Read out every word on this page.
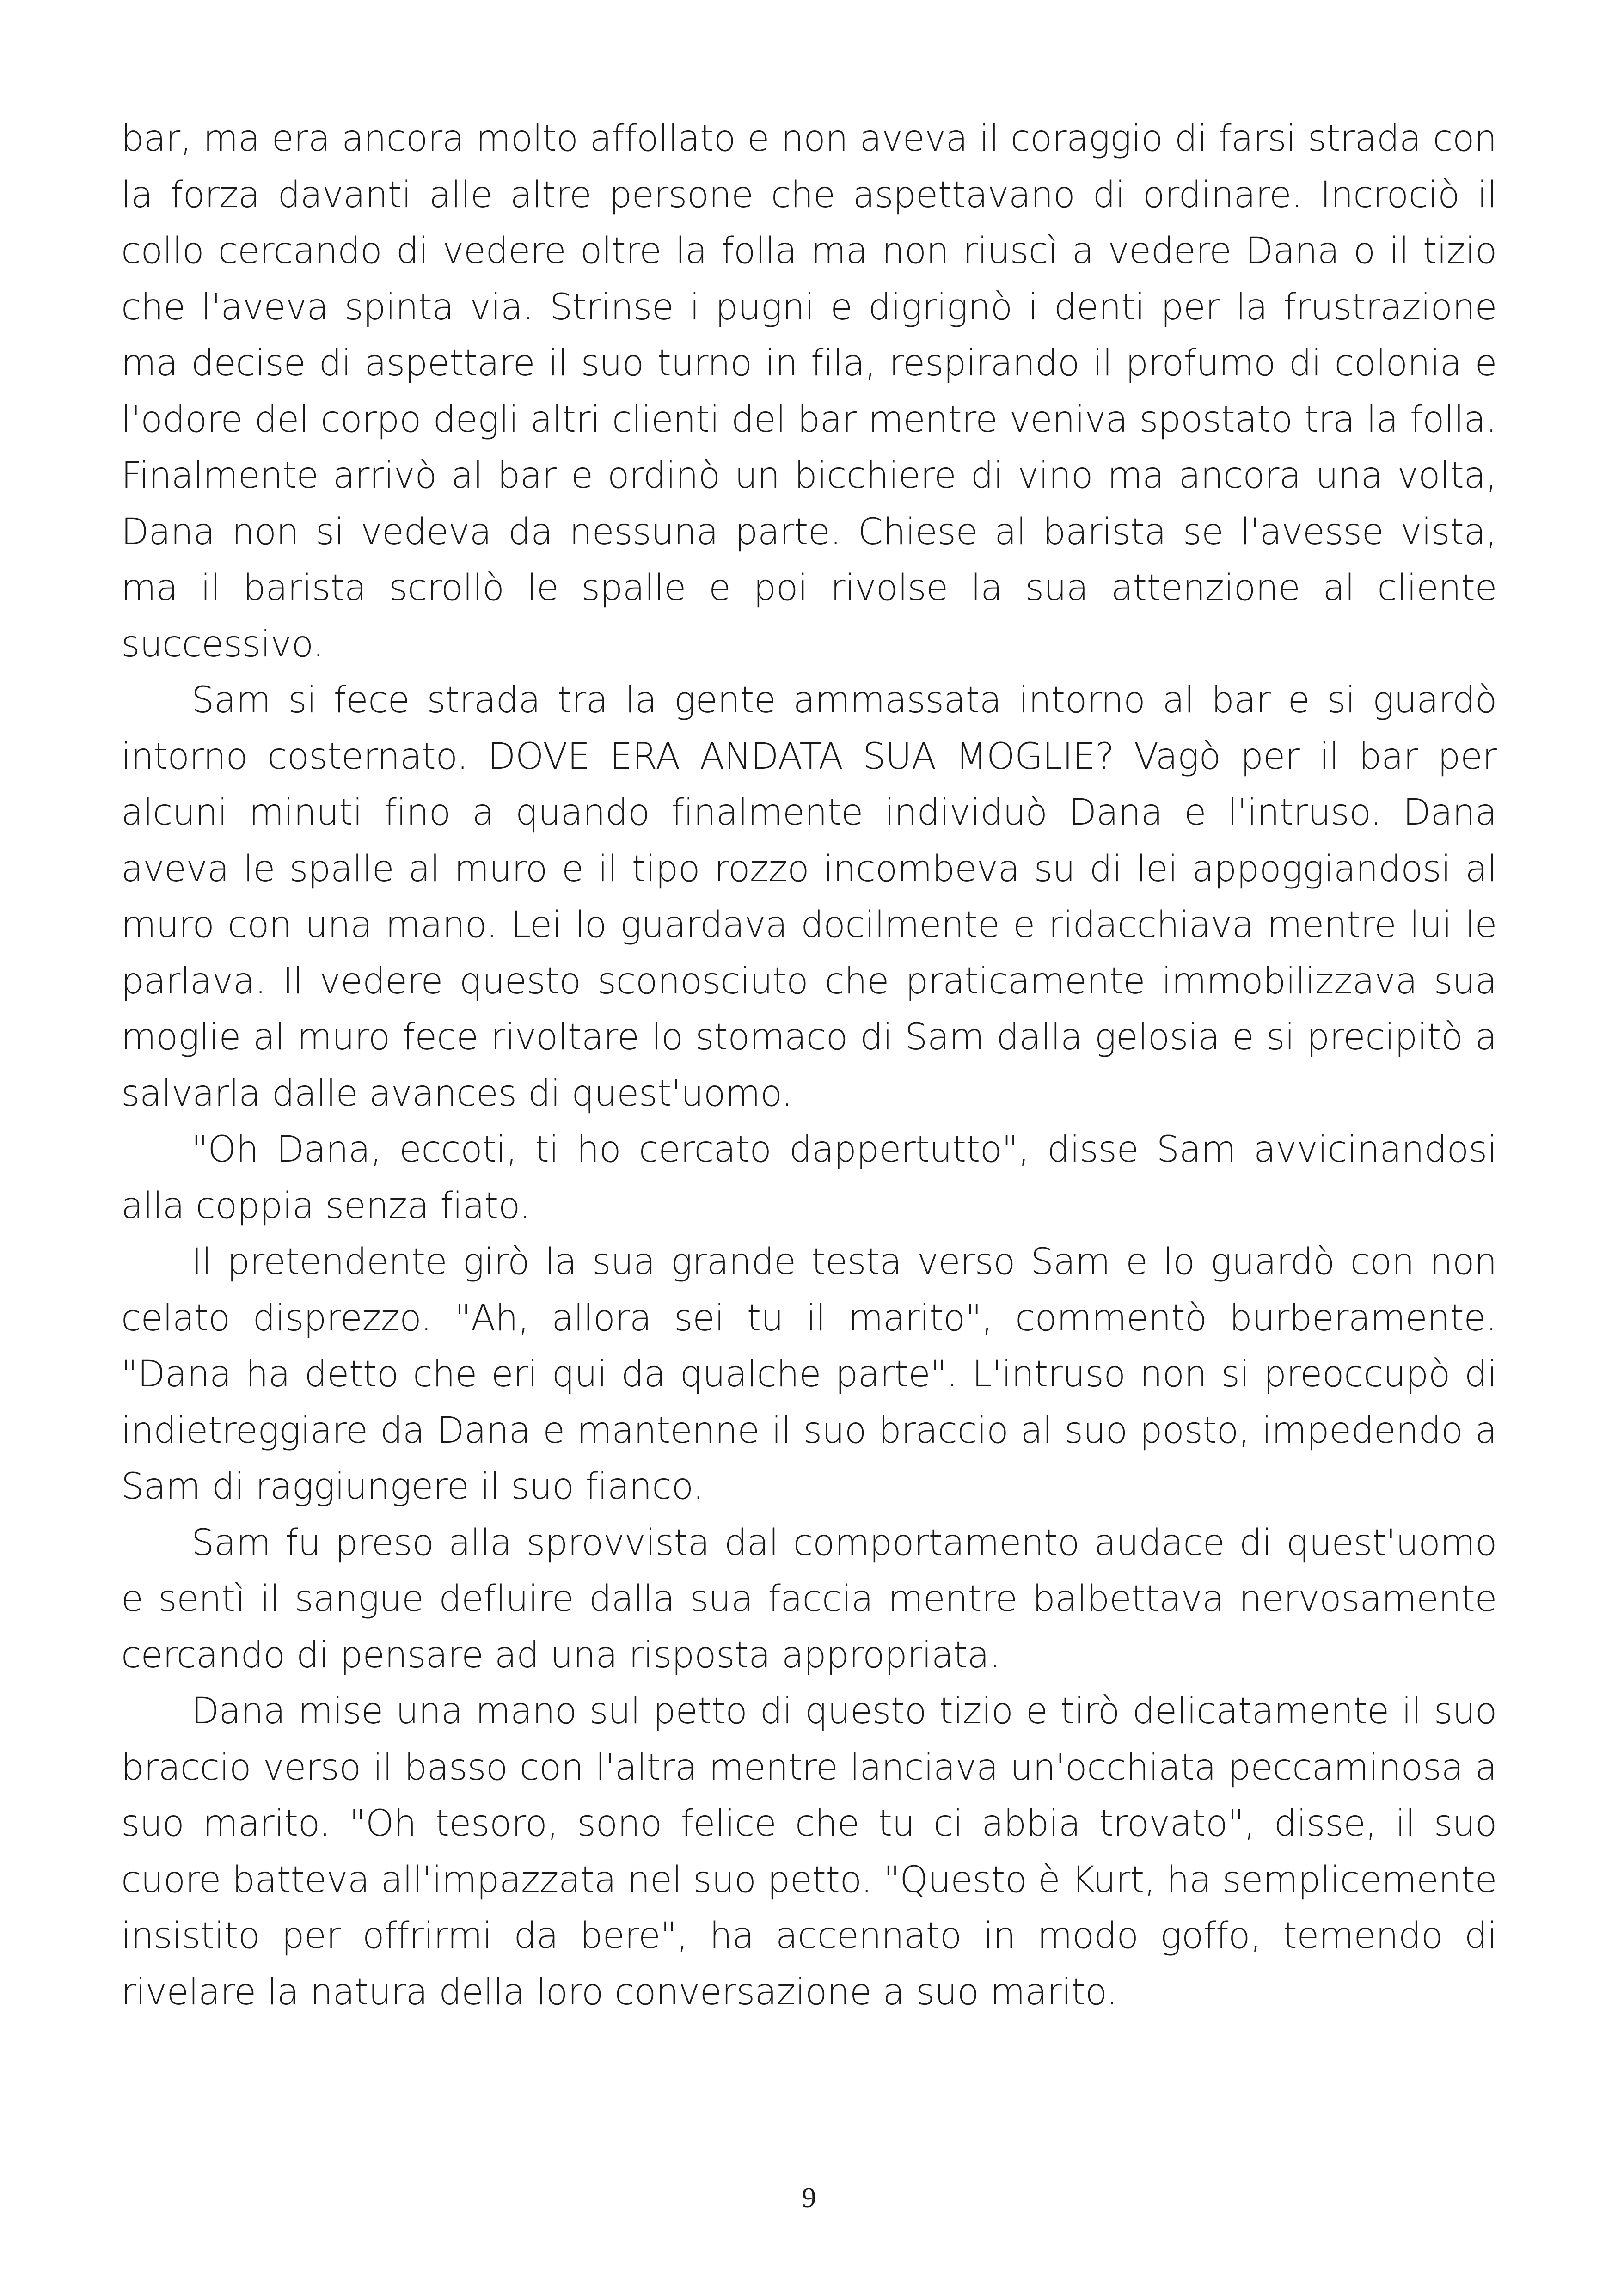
bar, ma era ancora molto affollato e non aveva il coraggio di farsi strada con la forza davanti alle altre persone che aspettavano di ordinare. Incrociò il collo cercando di vedere oltre la folla ma non riuscì a vedere Dana o il tizio che l'aveva spinta via. Strinse i pugni e digrignò i denti per la frustrazione ma decise di aspettare il suo turno in fila, respirando il profumo di colonia e l'odore del corpo degli altri clienti del bar mentre veniva spostato tra la folla. Finalmente arrivò al bar e ordinò un bicchiere di vino ma ancora una volta, Dana non si vedeva da nessuna parte. Chiese al barista se l'avesse vista, ma il barista scrollò le spalle e poi rivolse la sua attenzione al cliente successivo.

Sam si fece strada tra la gente ammassata intorno al bar e si guardò intorno costernato. DOVE ERA ANDATA SUA MOGLIE? Vagò per il bar per alcuni minuti fino a quando finalmente individuò Dana e l'intruso. Dana aveva le spalle al muro e il tipo rozzo incombeva su di lei appoggiandosi al muro con una mano. Lei lo guardava docilmente e ridacchiava mentre lui le parlava. Il vedere questo sconosciuto che praticamente immobilizzava sua moglie al muro fece rivoltare lo stomaco di Sam dalla gelosia e si precipitò a salvarla dalle avances di quest'uomo.

"Oh Dana, eccoti, ti ho cercato dappertutto", disse Sam avvicinandosi alla coppia senza fiato.

Il pretendente girò la sua grande testa verso Sam e lo guardò con non celato disprezzo. "Ah, allora sei tu il marito", commentò burberamente. "Dana ha detto che eri qui da qualche parte". L'intruso non si preoccupò di indietreggiare da Dana e mantenne il suo braccio al suo posto, impedendo a Sam di raggiungere il suo fianco.

Sam fu preso alla sprovvista dal comportamento audace di quest'uomo e sentì il sangue defluire dalla sua faccia mentre balbettava nervosamente cercando di pensare ad una risposta appropriata.

Dana mise una mano sul petto di questo tizio e tirò delicatamente il suo braccio verso il basso con l'altra mentre lanciava un'occhiata peccaminosa a suo marito. "Oh tesoro, sono felice che tu ci abbia trovato", disse, il suo cuore batteva all'impazzata nel suo petto. "Questo è Kurt, ha semplicemente insistito per offrirmi da bere", ha accennato in modo goffo, temendo di rivelare la natura della loro conversazione a suo marito.

9
